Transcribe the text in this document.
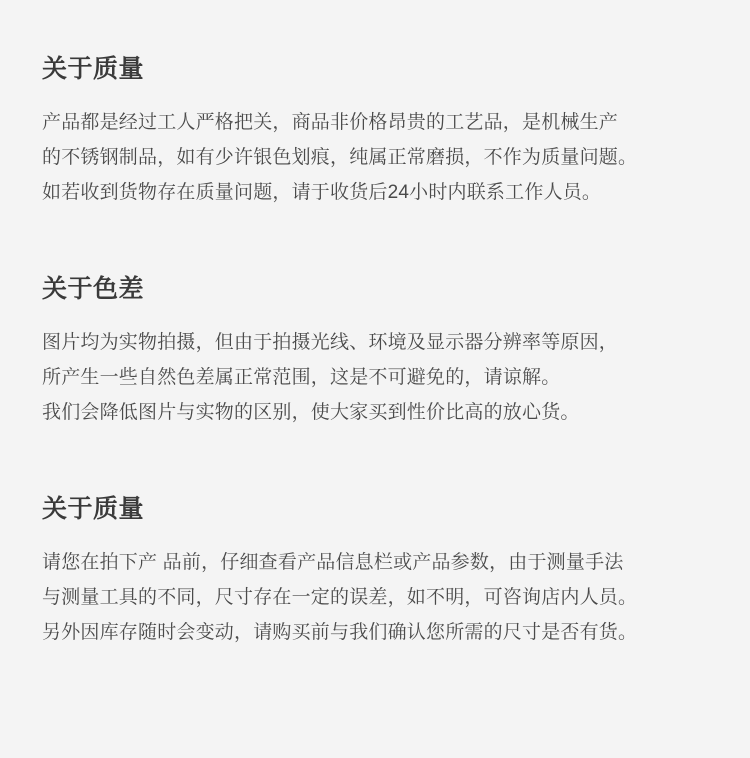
关于质量

产品都是经过工人严格把关，商品非价格昂贵的工艺品，是机械生产
的不锈钢制品，如有少许银色划痕，纯属正常磨损，不作为质量问题。
如若收到货物存在质量问题，请于收货后24小时内联系工作人员。

关于色差

图片均为实物拍摄，但由于拍摄光线、环境及显示器分辨率等原因，
所产生一些自然色差属正常范围，这是不可避免的，请谅解。
我们会降低图片与实物的区别，使大家买到性价比高的放心货。

关于质量

请您在拍下产 品前，仔细查看产品信息栏或产品参数，由于测量手法
与测量工具的不同，尺寸存在一定的误差，如不明，可咨询店内人员。
另外因库存随时会变动，请购买前与我们确认您所需的尺寸是否有货。
